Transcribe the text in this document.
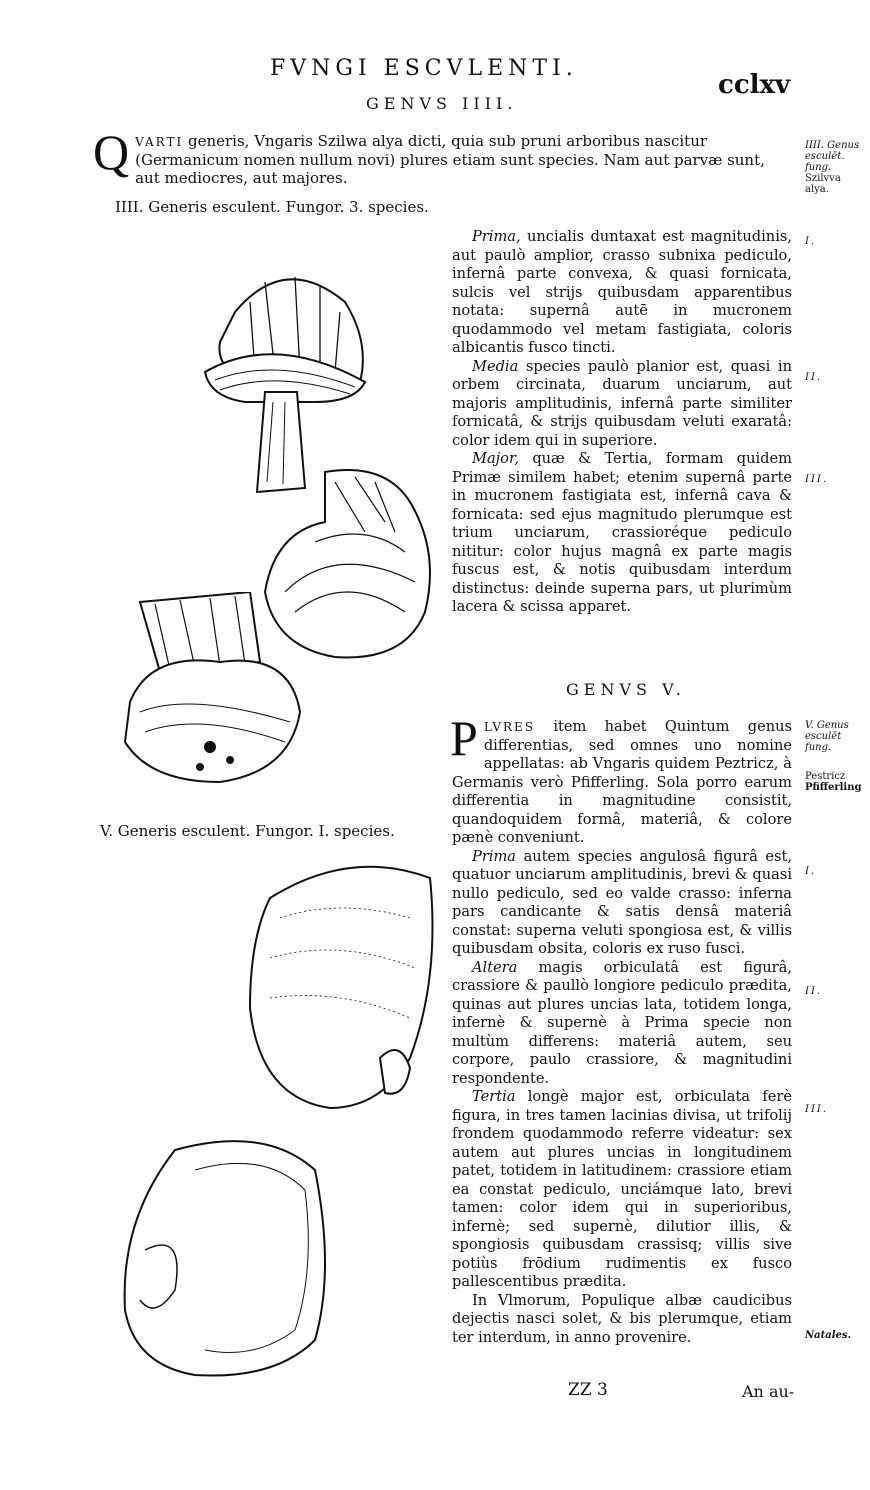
FVNGI ESCVLENTI.
cclxv
GENVS IIII.
Q VARTI generis, Vngaris Szilwa alya dicti, quia sub pruni arboribus nascitur (Germanicum nomen nullum novi) plures etiam sunt species. Nam aut parvæ sunt, aut mediocres, aut majores.
IIII. Genus
esculēt. fung.
Szilvva
alya.
IIII. Generis esculent. Fungor. 3. species.

Prima, uncialis duntaxat est magnitudinis, aut paulò amplior, crasso subnixa pediculo, infernâ parte convexa, & quasi fornicata, sulcis vel strijs quibusdam apparentibus notata: supernâ autē in mucronem quodammodo vel metam fastigiata, coloris albicantis fusco tincti.

Media species paulò planior est, quasi in orbem circinata, duarum unciarum, aut majoris amplitudinis, infernâ parte similiter fornicatâ, & strijs quibusdam veluti exaratâ: color idem qui in superiore.

Major, quæ & Tertia, formam quidem Primæ similem habet; etenim supernâ parte in mucronem fastigiata est, infernâ cava & fornicata: sed ejus magnitudo plerumque est trium unciarum, crassioréque pediculo nititur: color hujus magnâ ex parte magis fuscus est, & notis quibusdam interdum distinctus: deinde superna pars, ut plurimùm lacera & scissa apparet.

I.
II.
III.
GENVS V.

PLVRES item habet Quintum genus differentias, sed omnes uno nomine appellatas: ab Vngaris quidem Peztricz, à Germanis verò Pfifferling. Sola porro earum differentia in magnitudine consistit, quandoquidem formâ, materiâ, & colore pænè conveniunt.

Prima autem species angulosâ figurâ est, quatuor unciarum amplitudinis, brevi & quasi nullo pediculo, sed eo valde crasso: inferna pars candicante & satis densâ materiâ constat: superna veluti spongiosa est, & villis quibusdam obsita, coloris ex ruso fusci.

Altera magis orbiculatâ est figurâ, crassiore & paullò longiore pediculo prædita, quinas aut plures uncias lata, totidem longa, infernè & supernè à Prima specie non multùm differens: materiâ autem, seu corpore, paulo crassiore, & magnitudini respondente.

Tertia longè major est, orbiculata ferè figura, in tres tamen lacinias divisa, ut trifolij frondem quodammodo referre videatur: sex autem aut plures uncias in longitudinem patet, totidem in latitudinem: crassiore etiam ea constat pediculo, unciámque lato, brevi tamen: color idem qui in superioribus, infernè; sed supernè, dilutior illis, & spongiosis quibusdam crassisq; villis sive potiùs frōdium rudimentis ex fusco pallescentibus prædita.

In Vlmorum, Populique albæ caudicibus dejectis nasci solet, & bis plerumque, etiam ter interdum, in anno provenire.

V. Genus
esculēt fung.
Pestricz
Pfifferling
I.
II.
III.
Natales.
V. Generis esculent. Fungor. I. species.
ZZ 3	An au-
